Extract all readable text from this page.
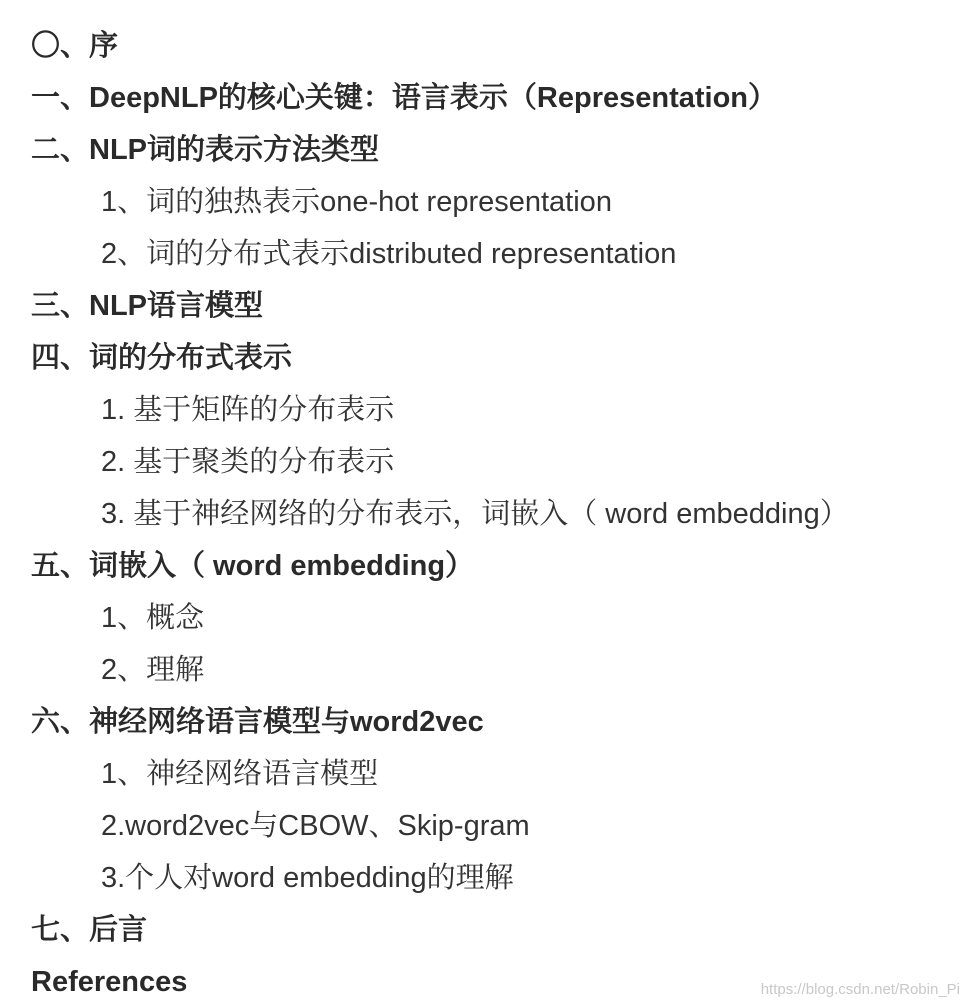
〇、序
一、DeepNLP的核心关键：语言表示（Representation）
二、NLP词的表示方法类型
1、词的独热表示one-hot representation
2、词的分布式表示distributed representation
三、NLP语言模型
四、词的分布式表示
1. 基于矩阵的分布表示
2. 基于聚类的分布表示
3. 基于神经网络的分布表示，词嵌入（ word embedding）
五、词嵌入（ word embedding）
1、概念
2、理解
六、神经网络语言模型与word2vec
1、神经网络语言模型
2.word2vec与CBOW、Skip-gram
3.个人对word embedding的理解
七、后言
References	https://blog.csdn.net/Robin_Pi
